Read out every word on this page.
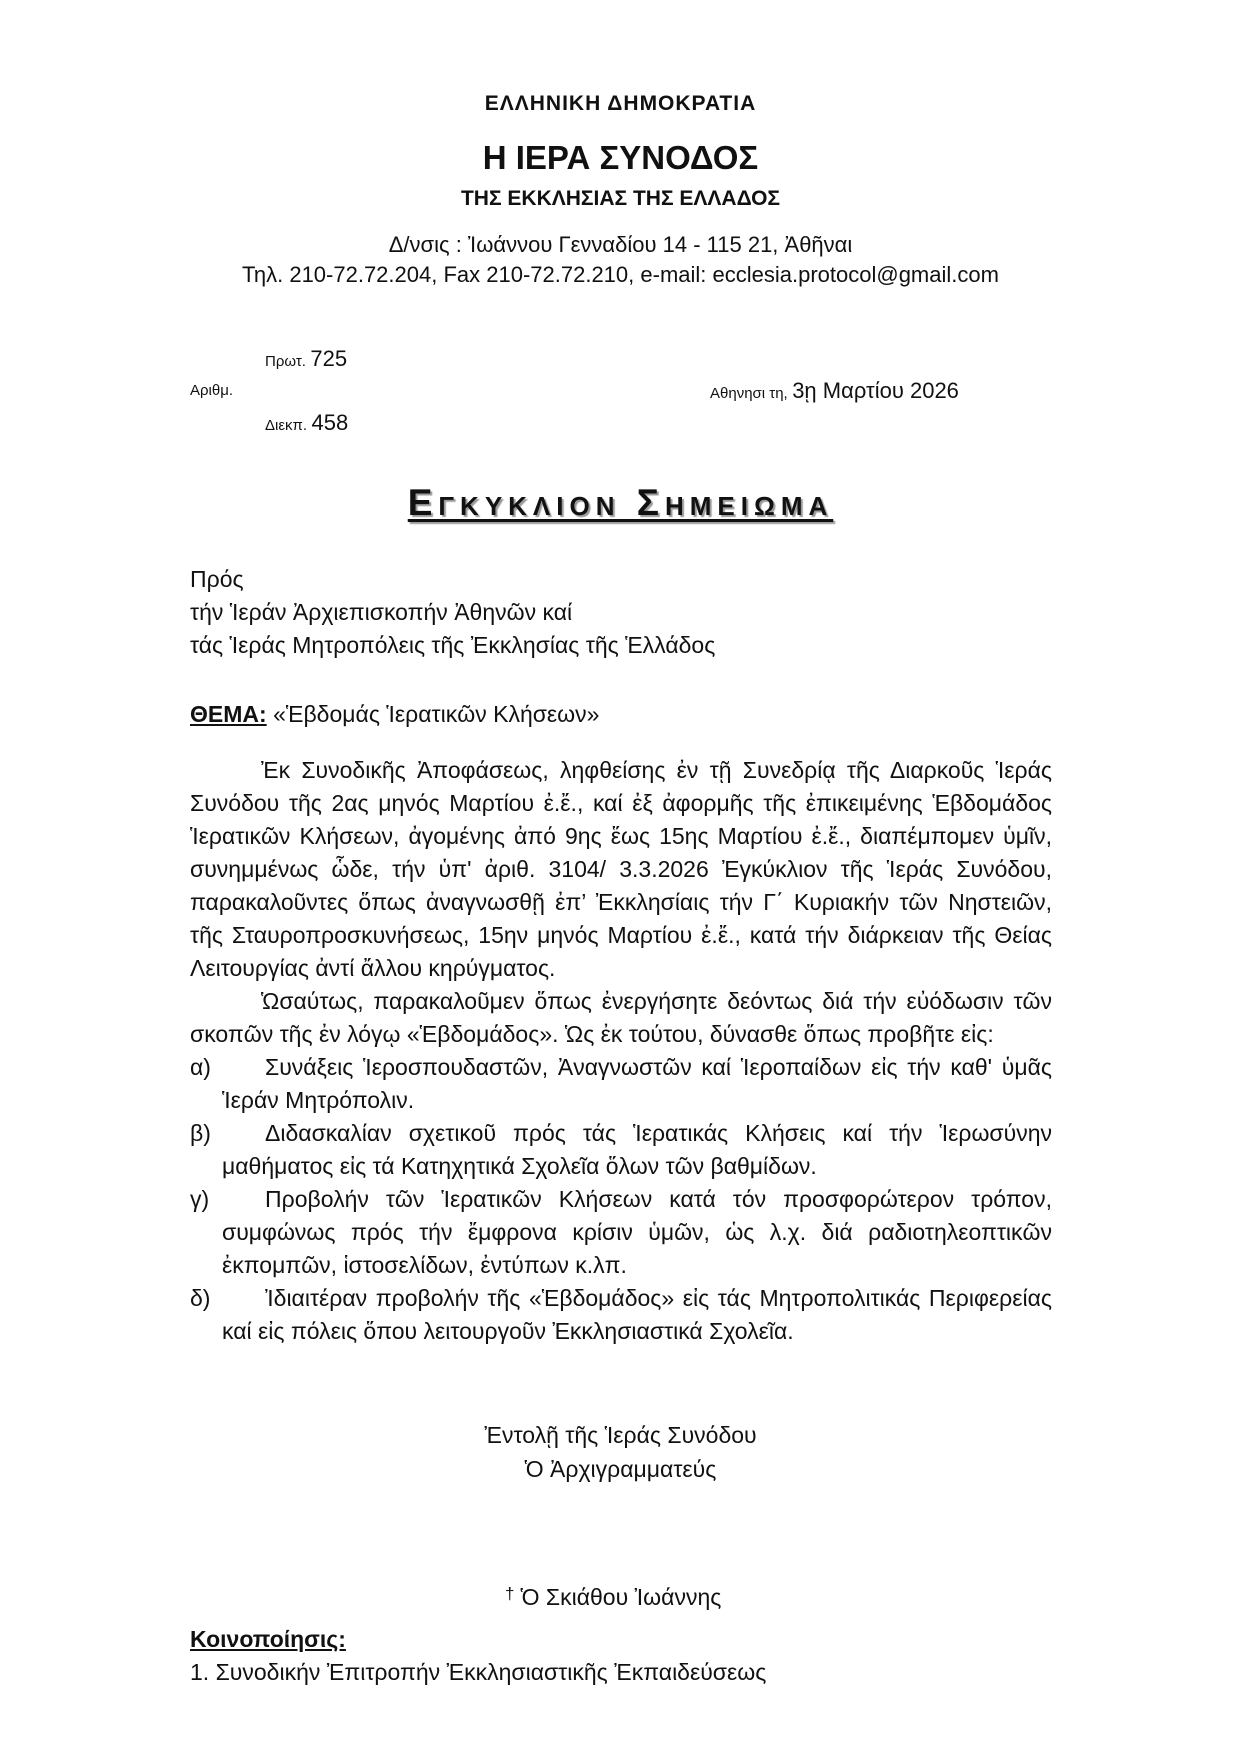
ΕΛΛΗΝΙΚΗ ΔΗΜΟΚΡΑΤΙΑ
Η ΙΕΡΑ ΣΥΝΟΔΟΣ
ΤΗΣ ΕΚΚΛΗΣΙΑΣ ΤΗΣ ΕΛΛΑΔΟΣ
Δ/νσις : Ἰωάννου Γενναδίου 14 - 115 21, Ἀθῆναι
Τηλ. 210-72.72.204, Fax 210-72.72.210, e-mail: ecclesia.protocol@gmail.com
Πρωτ. 725
Αριθμ.
Διεκπ. 458
Αθηνησι τη, 3ῃ Μαρτίου 2026
Εγκυκλιον Σημειωμα
Πρός
τήν Ἱεράν Ἀρχιεπισκοπήν Ἀθηνῶν καί
τάς Ἱεράς Μητροπόλεις τῆς Ἐκκλησίας τῆς Ἑλλάδος
ΘΕΜΑ: «Ἑβδομάς Ἱερατικῶν Κλήσεων»

Ἐκ Συνοδικῆς Ἀποφάσεως, ληφθείσης ἐν τῇ Συνεδρίᾳ τῆς Διαρκοῦς Ἱεράς Συνόδου τῆς 2ας μηνός Μαρτίου ἐ.ἔ., καί ἐξ ἀφορμῆς τῆς ἐπικειμένης Ἑβδομάδος Ἱερατικῶν Κλήσεων, ἀγομένης ἀπό 9ης ἕως 15ης Μαρτίου ἐ.ἔ., διαπέμπομεν ὑμῖν, συνημμένως ὧδε, τήν ὑπ' ἀριθ. 3104/ 3.3.2026 Ἐγκύκλιον τῆς Ἱεράς Συνόδου, παρακαλοῦντες ὅπως ἀναγνωσθῇ ἐπ’ Ἐκκλησίαις τήν Γ΄ Κυριακήν τῶν Νηστειῶν, τῆς Σταυροπροσκυνήσεως, 15ην μηνός Μαρτίου ἐ.ἔ., κατά τήν διάρκειαν τῆς Θείας Λειτουργίας ἀντί ἄλλου κηρύγματος.

Ὡσαύτως, παρακαλοῦμεν ὅπως ἐνεργήσητε δεόντως διά τήν εὐόδωσιν τῶν σκοπῶν τῆς ἐν λόγῳ «Ἑβδομάδος». Ὡς ἐκ τούτου, δύνασθε ὅπως προβῆτε εἰς:

α)	Συνάξεις Ἱεροσπουδαστῶν, Ἀναγνωστῶν καί Ἱεροπαίδων εἰς τήν καθ' ὑμᾶς Ἱεράν Μητρόπολιν.
β)	Διδασκαλίαν σχετικοῦ πρός τάς Ἱερατικάς Κλήσεις καί τήν Ἱερωσύνην μαθήματος εἰς τά Κατηχητικά Σχολεῖα ὅλων τῶν βαθμίδων.
γ)	Προβολήν τῶν Ἱερατικῶν Κλήσεων κατά τόν προσφορώτερον τρόπον, συμφώνως πρός τήν ἔμφρονα κρίσιν ὑμῶν, ὡς λ.χ. διά ραδιοτηλεοπτικῶν ἐκπομπῶν, ἱστοσελίδων, ἐντύπων κ.λπ.
δ)	Ἰδιαιτέραν προβολήν τῆς «Ἑβδομάδος» εἰς τάς Μητροπολιτικάς Περιφερείας καί εἰς πόλεις ὅπου λειτουργοῦν Ἐκκλησιαστικά Σχολεῖα.
Ἐντολῇ τῆς Ἱεράς Συνόδου
Ὁ Ἀρχιγραμματεύς
† Ὁ Σκιάθου Ἰωάννης
Κοινοποίησις:
1. Συνοδικήν Ἐπιτροπήν Ἐκκλησιαστικῆς Ἐκπαιδεύσεως
